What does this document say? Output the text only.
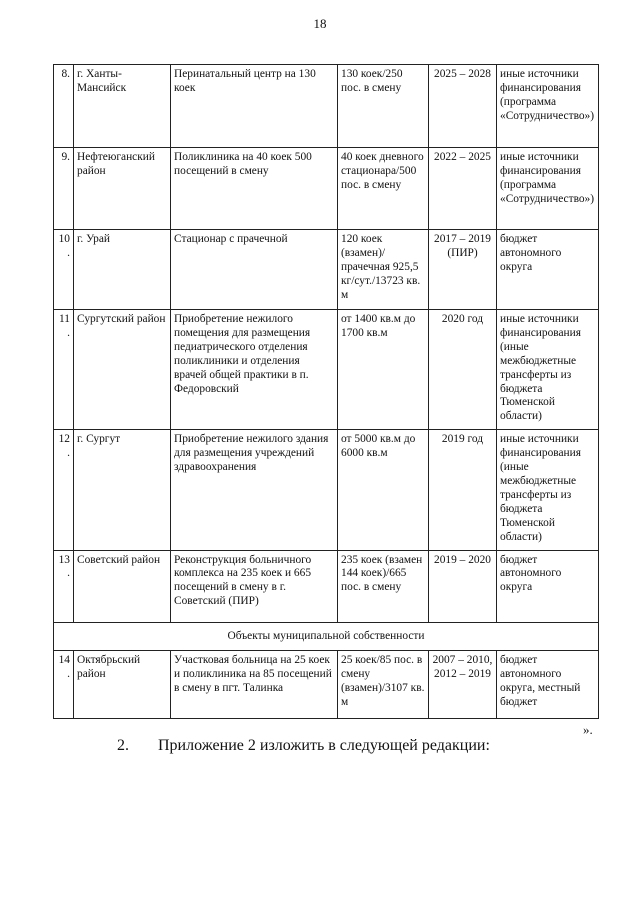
18
8.	г. Ханты-Мансийск	Перинатальный центр на 130 коек	130 коек/250 пос. в смену	2025 – 2028	иные источники финансирования (программа «Сотрудничество»)
9.	Нефтеюганский район	Поликлиника на 40 коек 500 посещений в смену	40 коек дневного стационара/500 пос. в смену	2022 – 2025	иные источники финансирования (программа «Сотрудничество»)
10.	г. Урай	Стационар с прачечной	120 коек (взамен)/прачечная 925,5 кг/сут./13723 кв. м	2017 – 2019 (ПИР)	бюджет автономного округа
11.	Сургутский район	Приобретение нежилого помещения для размещения педиатрического отделения поликлиники и отделения врачей общей практики в п. Федоровский	от 1400 кв.м до 1700 кв.м	2020 год	иные источники финансирования (иные межбюджетные трансферты из бюджета Тюменской области)
12.	г. Сургут	Приобретение нежилого здания для размещения учреждений здравоохранения	от 5000 кв.м до 6000 кв.м	2019 год	иные источники финансирования (иные межбюджетные трансферты из бюджета Тюменской области)
13.	Советский район	Реконструкция больничного комплекса на 235 коек и 665 посещений в смену в г. Советский (ПИР)	235 коек (взамен 144 коек)/665 пос. в смену	2019 – 2020	бюджет автономного округа
Объекты муниципальной собственности					
14.	Октябрьский район	Участковая больница на 25 коек и поликлиника на 85 посещений в смену в пгт. Талинка	25 коек/85 пос. в смену (взамен)/3107 кв. м	2007 – 2010, 2012 – 2019	бюджет автономного округа, местный бюджет
».
2. Приложение 2 изложить в следующей редакции:
